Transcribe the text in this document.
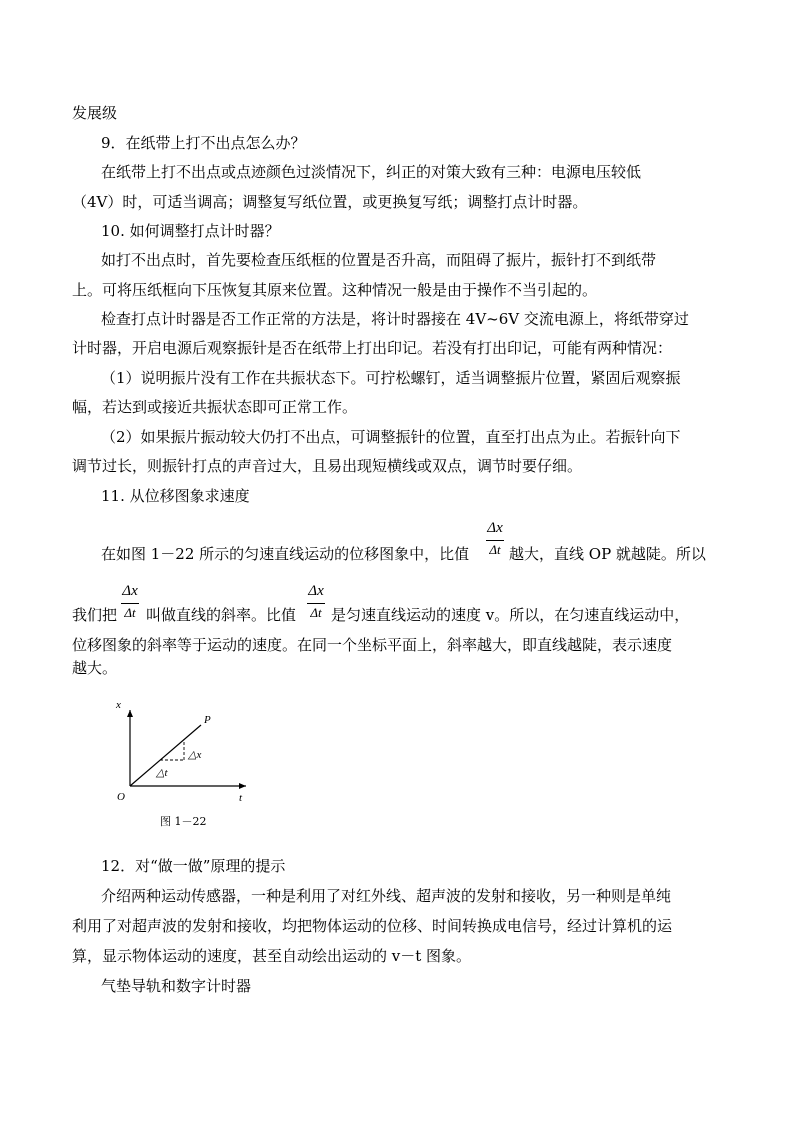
发展级
9．在纸带上打不出点怎么办？
在纸带上打不出点或点迹颜色过淡情况下，纠正的对策大致有三种：电源电压较低
（4V）时，可适当调高；调整复写纸位置，或更换复写纸；调整打点计时器。
10. 如何调整打点计时器？
如打不出点时，首先要检查压纸框的位置是否升高，而阻碍了振片，振针打不到纸带
上。可将压纸框向下压恢复其原来位置。这种情况一般是由于操作不当引起的。
检查打点计时器是否工作正常的方法是，将计时器接在 4V~6V 交流电源上，将纸带穿过
计时器，开启电源后观察振针是否在纸带上打出印记。若没有打出印记，可能有两种情况：
（1）说明振片没有工作在共振状态下。可拧松螺钉，适当调整振片位置，紧固后观察振
幅，若达到或接近共振状态即可正常工作。
（2）如果振片振动较大仍打不出点，可调整振针的位置，直至打出点为止。若振针向下
调节过长，则振针打点的声音过大，且易出现短横线或双点，调节时要仔细。
11. 从位移图象求速度
在如图 1－22 所示的匀速直线运动的位移图象中，比值
Δx
Δt 越大，直线 OP 就越陡。所以
Δx
Δt
我们把 叫做直线的斜率。比值
Δx
Δt 是匀速直线运动的速度 v。所以，在匀速直线运动中，
位移图象的斜率等于运动的速度。在同一个坐标平面上，斜率越大，即直线越陡，表示速度
越大。
x
t
O
P
△x
△t
图 1－22
12．对“做一做”原理的提示
介绍两种运动传感器，一种是利用了对红外线、超声波的发射和接收，另一种则是单纯
利用了对超声波的发射和接收，均把物体运动的位移、时间转换成电信号，经过计算机的运
算，显示物体运动的速度，甚至自动绘出运动的 v－t 图象。
气垫导轨和数字计时器
